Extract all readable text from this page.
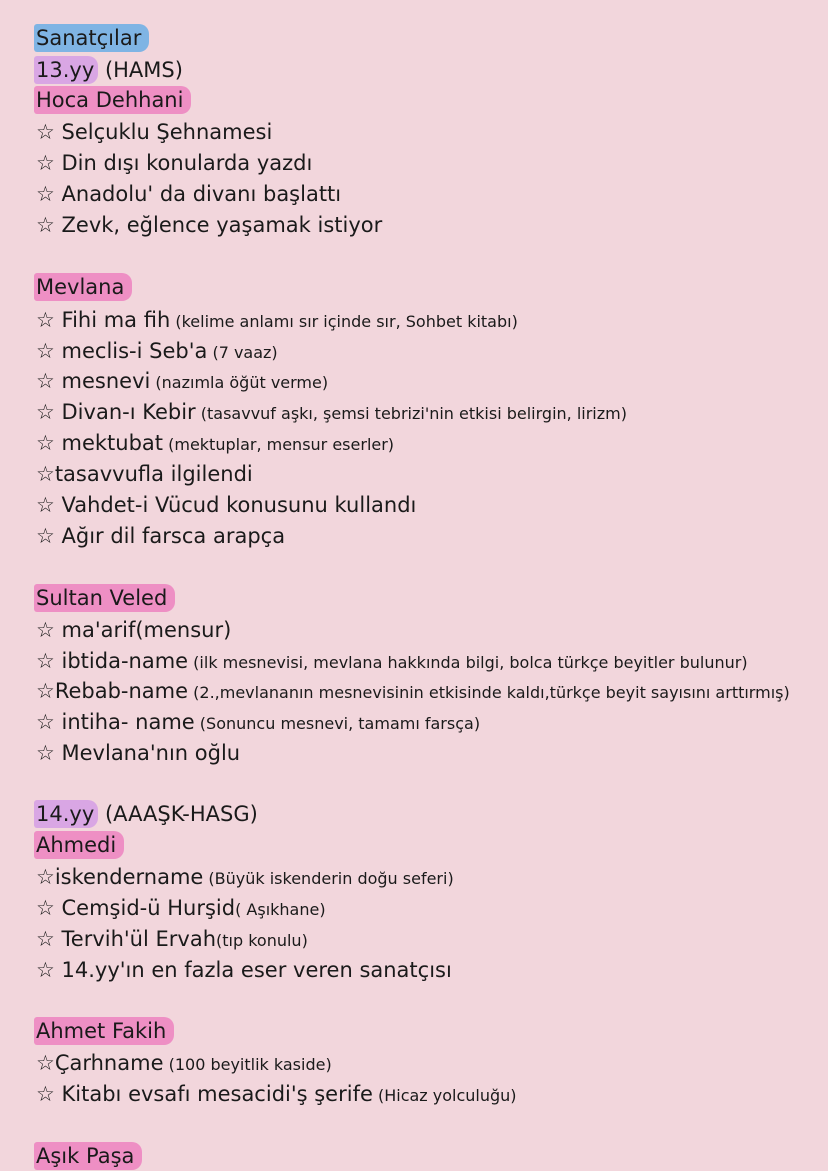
Sanatçılar
13.yy (HAMS)
Hoca Dehhani
☆ Selçuklu Şehnamesi
☆ Din dışı konularda yazdı
☆ Anadolu' da divanı başlattı
☆ Zevk, eğlence yaşamak istiyor
Mevlana
☆ Fihi ma fih (kelime anlamı sır içinde sır, Sohbet kitabı)
☆ meclis-i Seb'a (7 vaaz)
☆ mesnevi (nazımla öğüt verme)
☆ Divan-ı Kebir (tasavvuf aşkı, şemsi tebrizi'nin etkisi belirgin, lirizm)
☆ mektubat (mektuplar, mensur eserler)
☆tasavvufla ilgilendi
☆ Vahdet-i Vücud konusunu kullandı
☆ Ağır dil farsca arapça
Sultan Veled
☆ ma'arif(mensur)
☆ ibtida-name (ilk mesnevisi, mevlana hakkında bilgi, bolca türkçe beyitler bulunur)
☆Rebab-name (2.,mevlananın mesnevisinin etkisinde kaldı,türkçe beyit sayısını arttırmış)
☆ intiha- name (Sonuncu mesnevi, tamamı farsça)
☆ Mevlana'nın oğlu
14.yy (AAAŞK-HASG)
Ahmedi
☆iskendername (Büyük iskenderin doğu seferi)
☆ Cemşid-ü Hurşid( Aşıkhane)
☆ Tervih'ül Ervah(tıp konulu)
☆ 14.yy'ın en fazla eser veren sanatçısı
Ahmet Fakih
☆Çarhname (100 beyitlik kaside)
☆ Kitabı evsafı mesacidi'ş şerife (Hicaz yolculuğu)
Aşık Paşa
